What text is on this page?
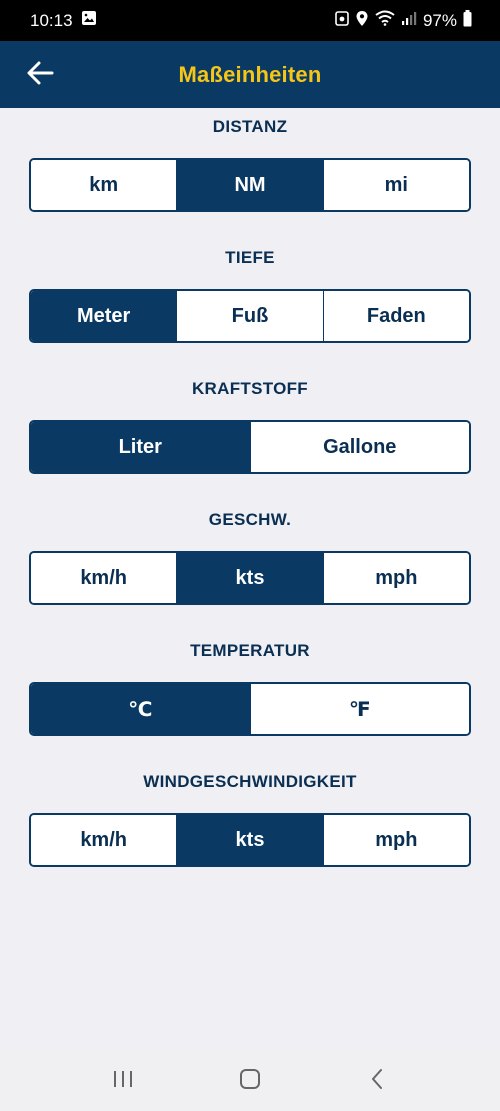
10:13	97%
Maßeinheiten
DISTANZ
km	NM	mi
TIEFE
Meter	Fuß	Faden
KRAFTSTOFF
Liter	Gallone
GESCHW.
km/h	kts	mph
TEMPERATUR
℃	℉
WINDGESCHWINDIGKEIT
km/h	kts	mph
